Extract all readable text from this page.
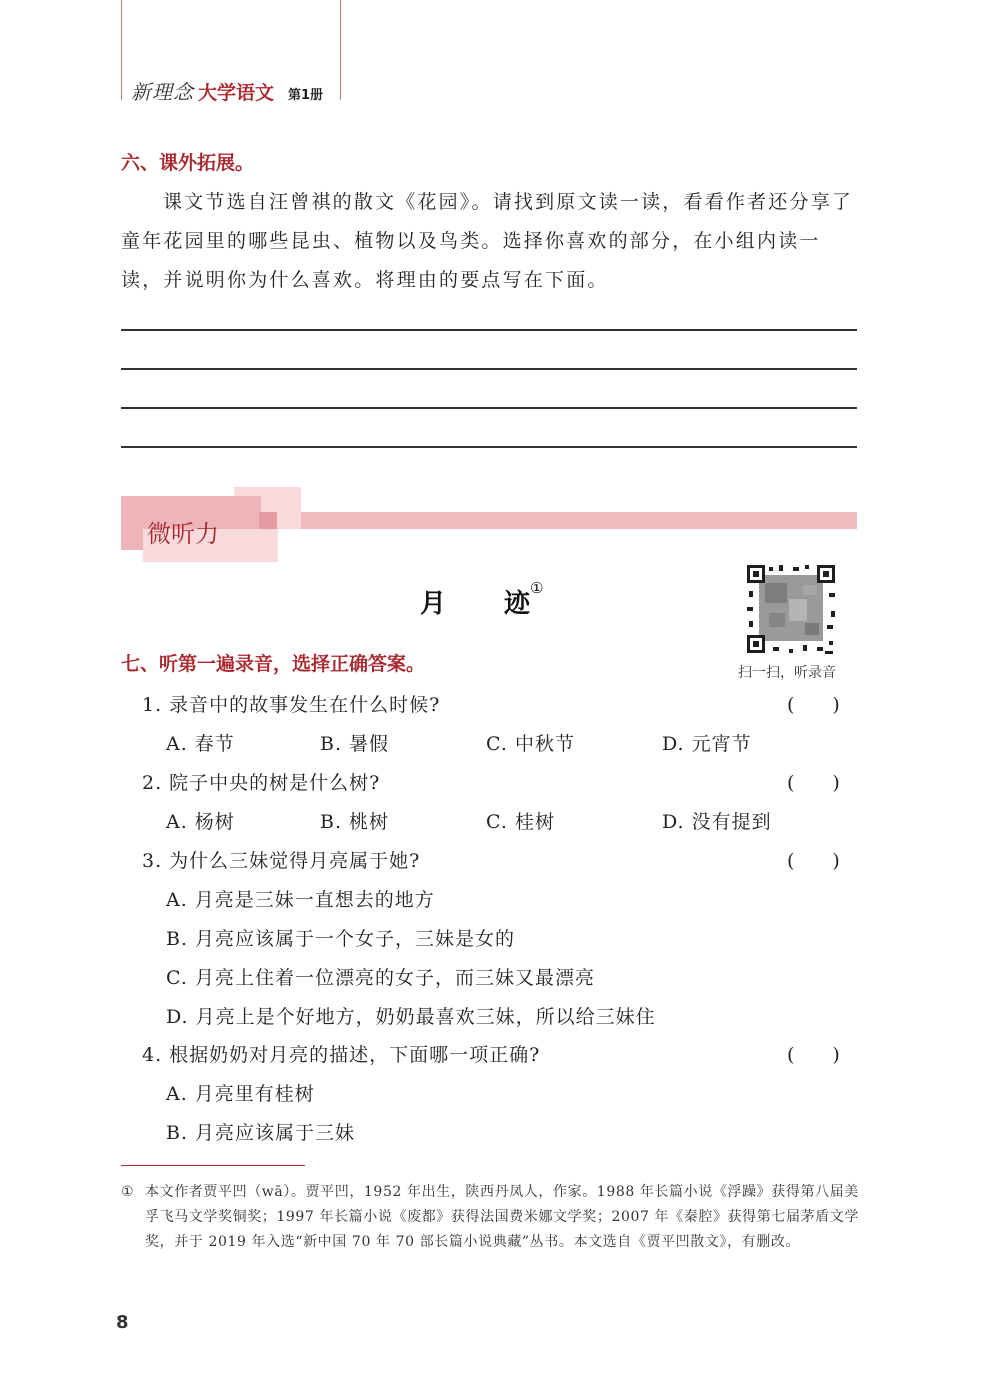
新理念 大学语文 第1册
六、课外拓展。
课文节选自汪曾祺的散文《花园》。请找到原文读一读，看看作者还分享了童年花园里的哪些昆虫、植物以及鸟类。选择你喜欢的部分，在小组内读一读，并说明你为什么喜欢。将理由的要点写在下面。
微听力
月 迹①
扫一扫，听录音
七、听第一遍录音，选择正确答案。
1. 录音中的故事发生在什么时候?	(　　)
A. 春节	B. 暑假	C. 中秋节	D. 元宵节
2. 院子中央的树是什么树?	(　　)
A. 杨树	B. 桃树	C. 桂树	D. 没有提到
3. 为什么三妹觉得月亮属于她?	(　　)
A. 月亮是三妹一直想去的地方
B. 月亮应该属于一个女子，三妹是女的
C. 月亮上住着一位漂亮的女子，而三妹又最漂亮
D. 月亮上是个好地方，奶奶最喜欢三妹，所以给三妹住
4. 根据奶奶对月亮的描述，下面哪一项正确?	(　　)
A. 月亮里有桂树
B. 月亮应该属于三妹
① 本文作者贾平凹（wā）。贾平凹，1952 年出生，陕西丹凤人，作家。1988 年长篇小说《浮躁》获得第八届美孚飞马文学奖铜奖；1997 年长篇小说《废都》获得法国费米娜文学奖；2007 年《秦腔》获得第七届茅盾文学奖，并于 2019 年入选“新中国 70 年 70 部长篇小说典藏”丛书。本文选自《贾平凹散文》，有删改。
8
